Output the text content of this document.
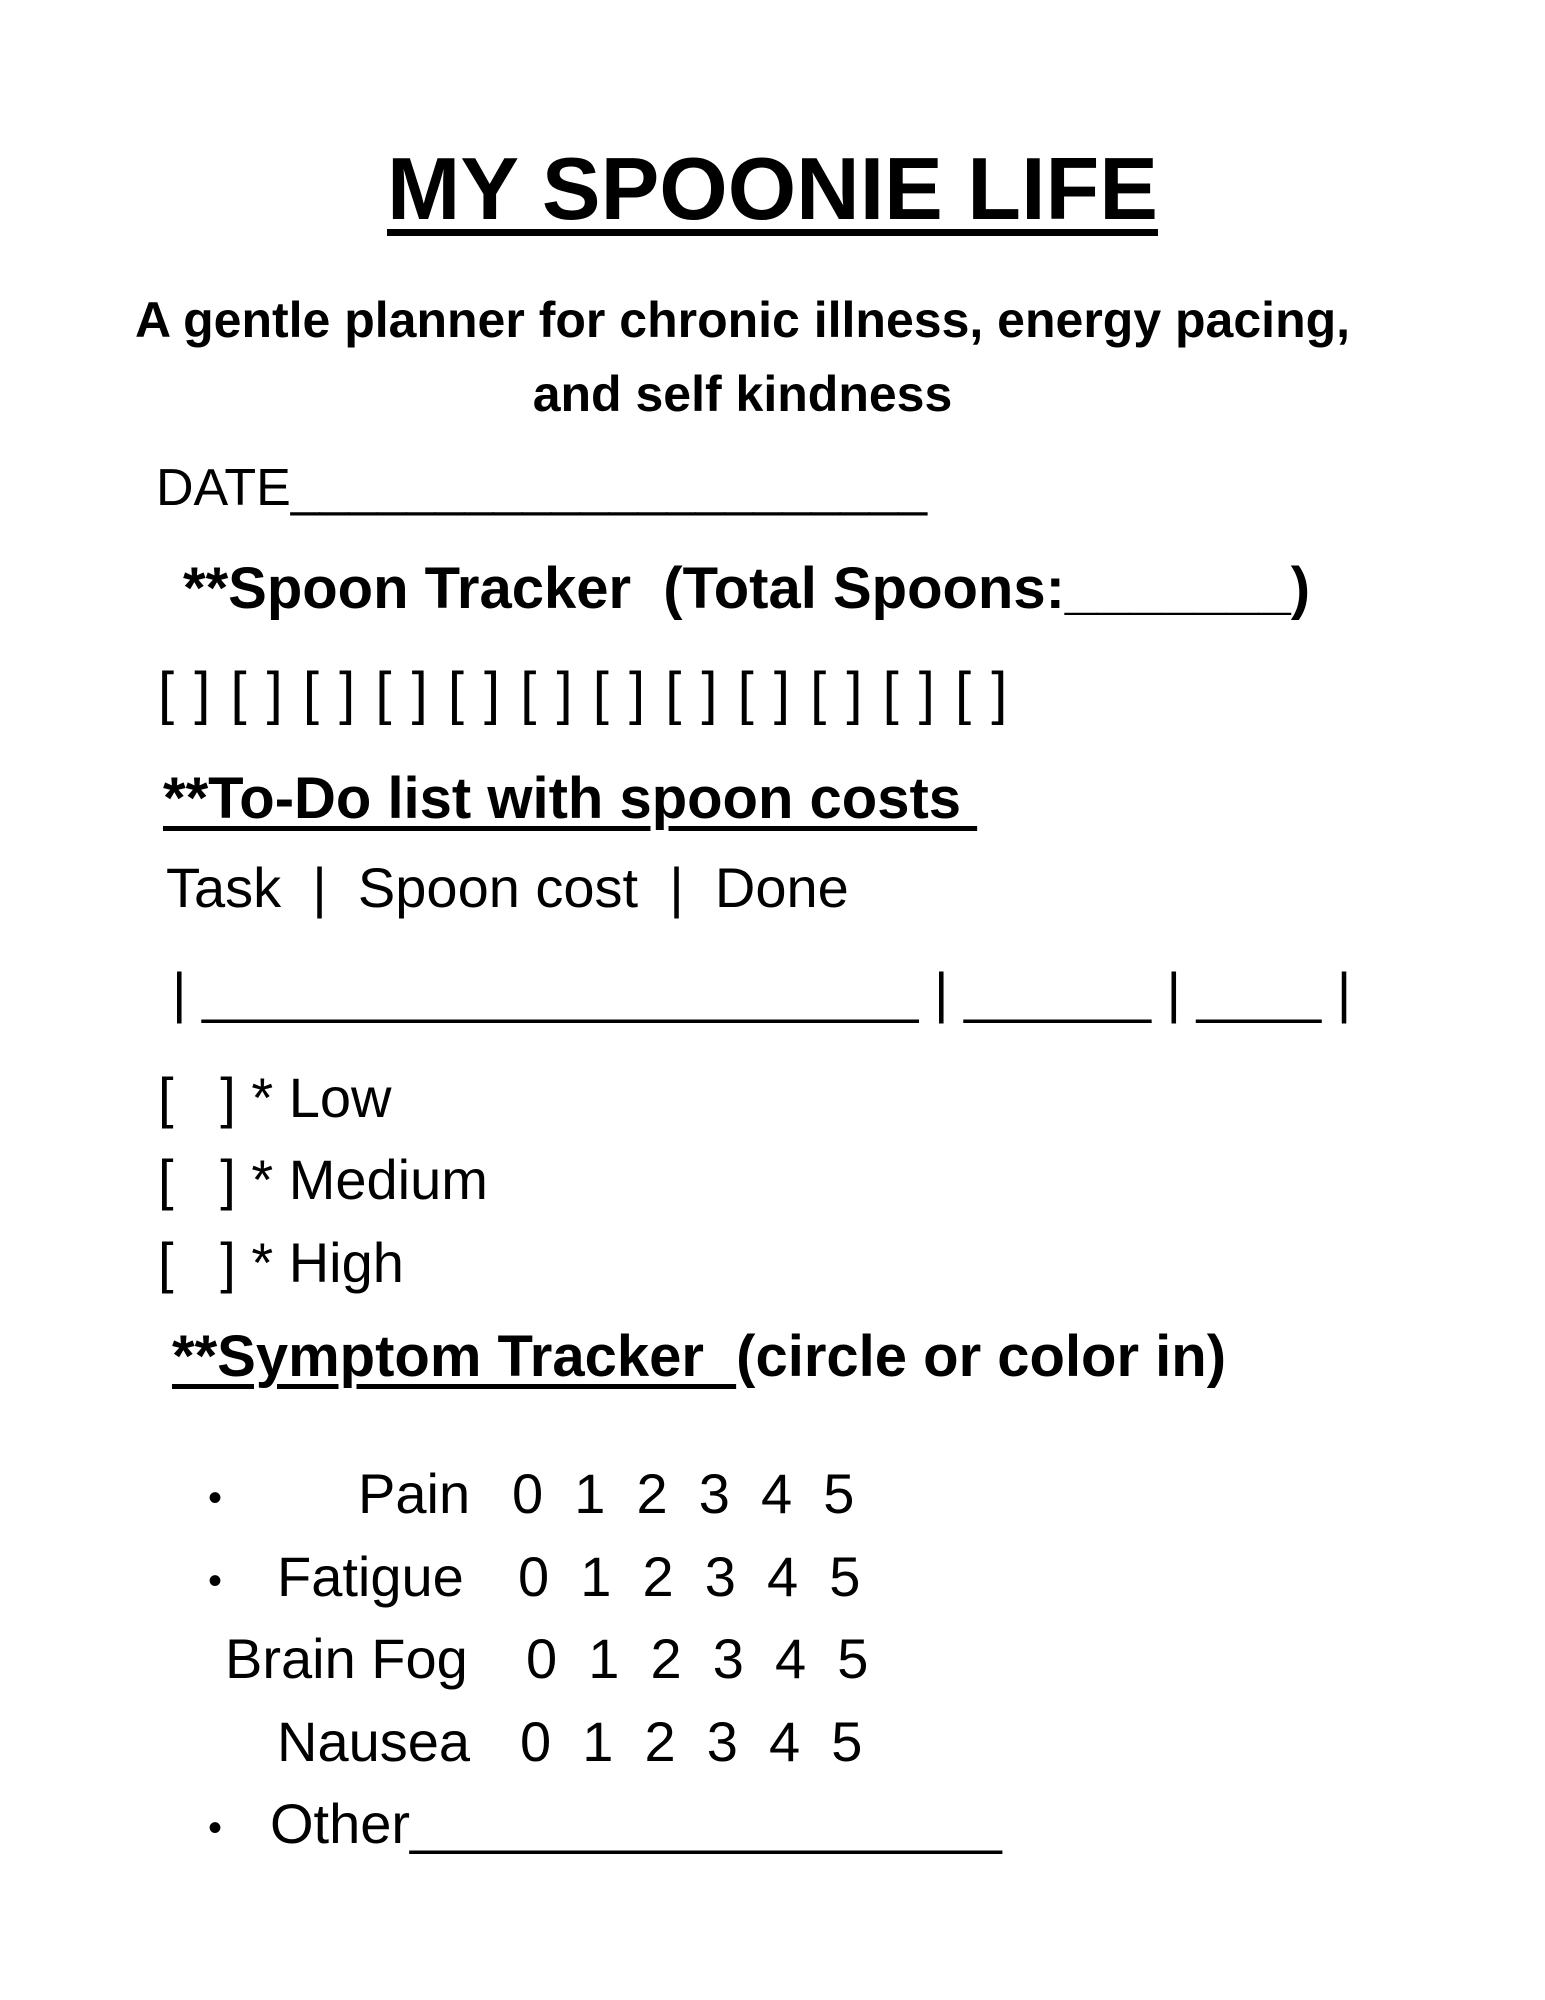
MY SPOONIE LIFE
A gentle planner for chronic illness, energy pacing, and self kindness
DATE______________________
**Spoon Tracker  (Total Spoons:_______)
[ ] [ ] [ ] [ ] [ ] [ ] [ ] [ ] [ ] [ ] [ ] [ ]
**To-Do list with spoon costs
Task  |  Spoon cost  |  Done
| _______________________ | ______ | ____ |
[   ] * Low
[   ] * Medium
[   ] * High
**Symptom Tracker  (circle or color in)
• Pain 0  1  2  3  4  5
• Fatigue 0  1  2  3  4  5
Brain Fog 0  1  2  3  4  5
Nausea 0  1  2  3  4  5
• Other___________________
